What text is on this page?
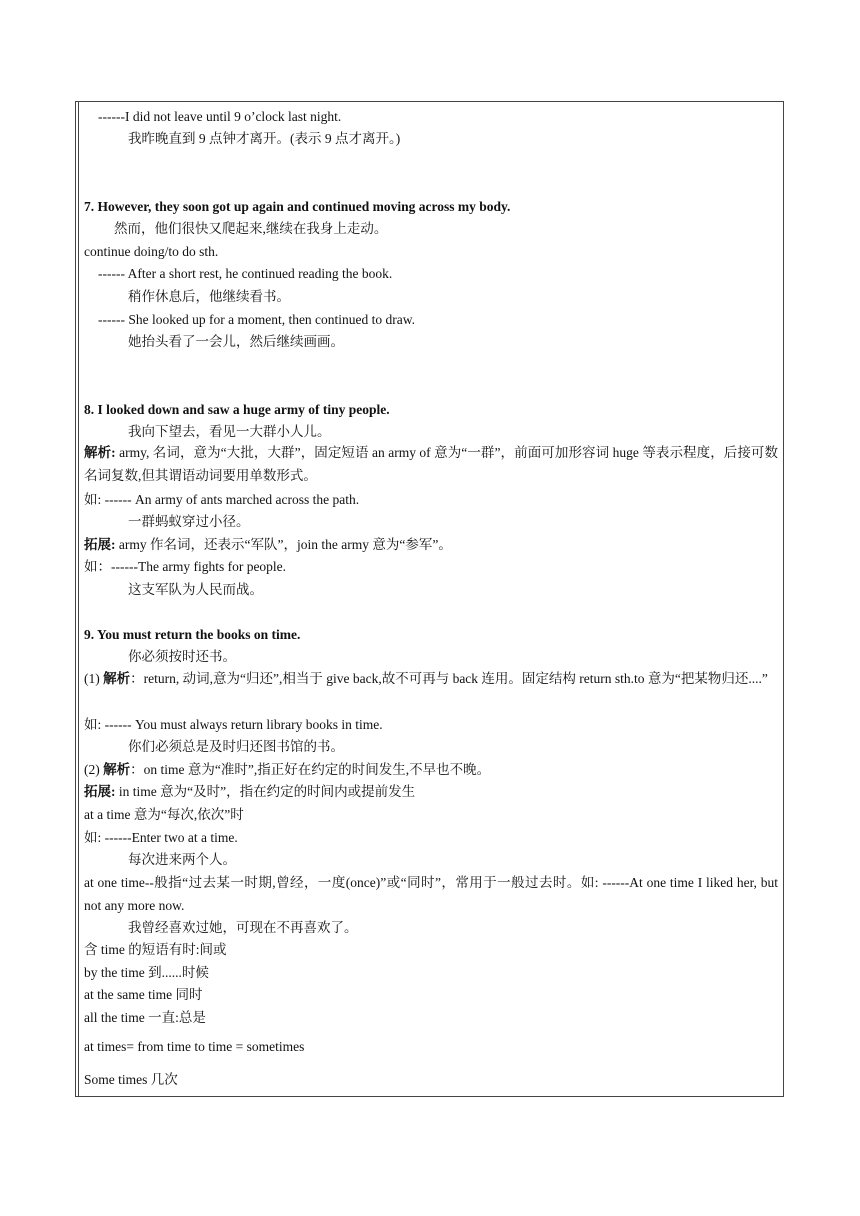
------I did not leave until 9 o’clock last night.
我昨晚直到 9 点钟才离开。(表示 9 点才离开。)
7. However, they soon got up again and continued moving across my body.
然而，他们很快又爬起来,继续在我身上走动。
continue doing/to do sth.
------ After a short rest, he continued reading the book.
稍作休息后，他继续看书。
------ She looked up for a moment, then continued to draw.
她抬头看了一会儿，然后继续画画。
8. I looked down and saw a huge army of tiny people.
我向下望去，看见一大群小人儿。
解析: army, 名词，意为“大批，大群”，固定短语 an army of 意为“一群”，前面可加形容词 huge 等表示程度，后接可数名词复数,但其谓语动词要用单数形式。
如: ------ An army of ants marched across the path.
一群蚂蚁穿过小径。
拓展: army 作名词，还表示“军队”，join the army 意为“参军”。
如：------The army fights for people.
这支军队为人民而战。
9. You must return the books on time.
你必须按时还书。
(1) 解析：return, 动词,意为“归还”,相当于 give back,故不可再与 back 连用。固定结构 return sth.to 意为“把某物归还....”
如: ------ You must always return library books in time.
你们必须总是及时归还图书馆的书。
(2) 解析：on time 意为“准时”,指正好在约定的时间发生,不早也不晚。
拓展: in time 意为“及时”，指在约定的时间内或提前发生
at a time 意为“每次,依次”时
如: ------Enter two at a time.
每次进来两个人。
at one time--般指“过去某一时期,曾经，一度(once)”或“同时”，常用于一般过去时。如: ------At one time I liked her, but not any more now.
我曾经喜欢过她，可现在不再喜欢了。
含 time 的短语有时:间或
by the time 到......时候
at the same time 同时
all the time 一直:总是
at times= from time to time = sometimes
Some times 几次
